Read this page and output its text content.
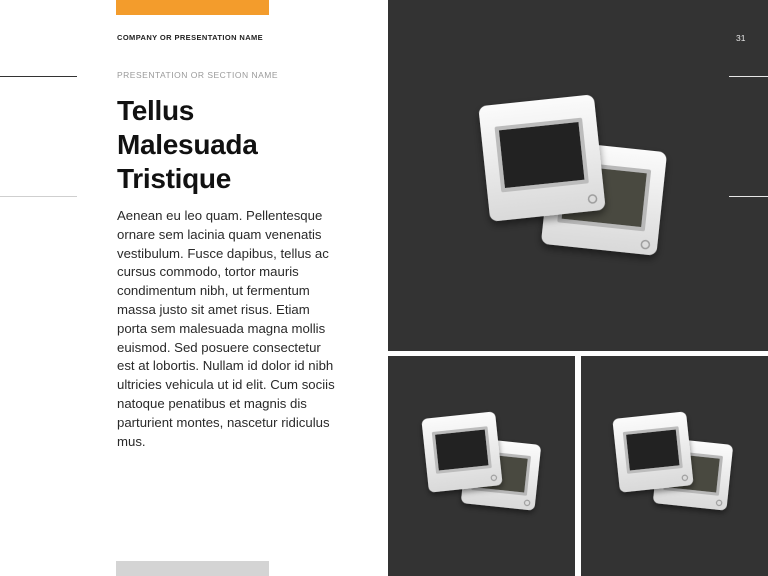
COMPANY OR PRESENTATION NAME
PRESENTATION OR SECTION NAME
Tellus
Malesuada
Tristique

Aenean eu leo quam. Pellentesque ornare sem lacinia quam venenatis vestibulum. Fusce dapibus, tellus ac cursus commodo, tortor mauris condimentum nibh, ut fermentum massa justo sit amet risus. Etiam porta sem malesuada magna mollis euismod. Sed posuere consectetur est at lobortis. Nullam id dolor id nibh ultricies vehicula ut id elit. Cum sociis natoque penatibus et magnis dis parturient montes, nascetur ridiculus mus.

31
